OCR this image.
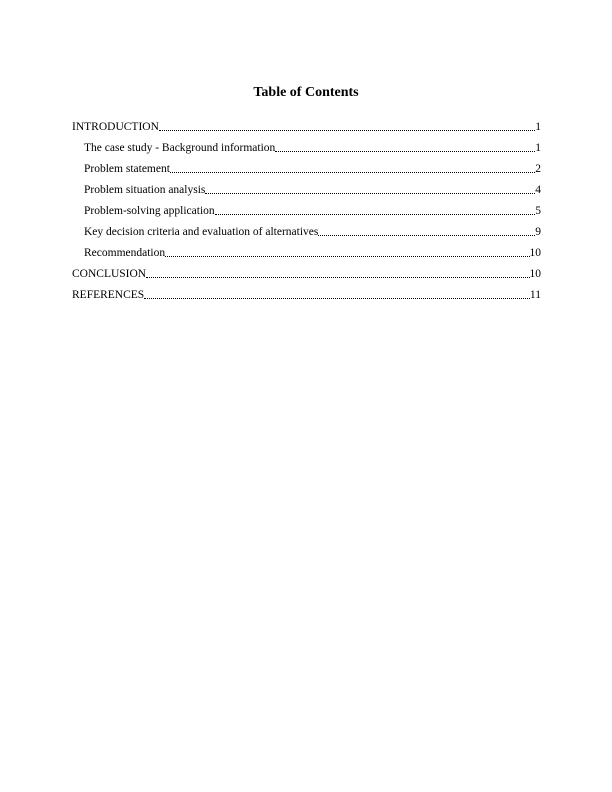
Table of Contents
INTRODUCTION	1
The case study - Background information	1
Problem statement	2
Problem situation analysis	4
Problem-solving application	5
Key decision criteria and evaluation of alternatives	9
Recommendation	10
CONCLUSION	10
REFERENCES	11
